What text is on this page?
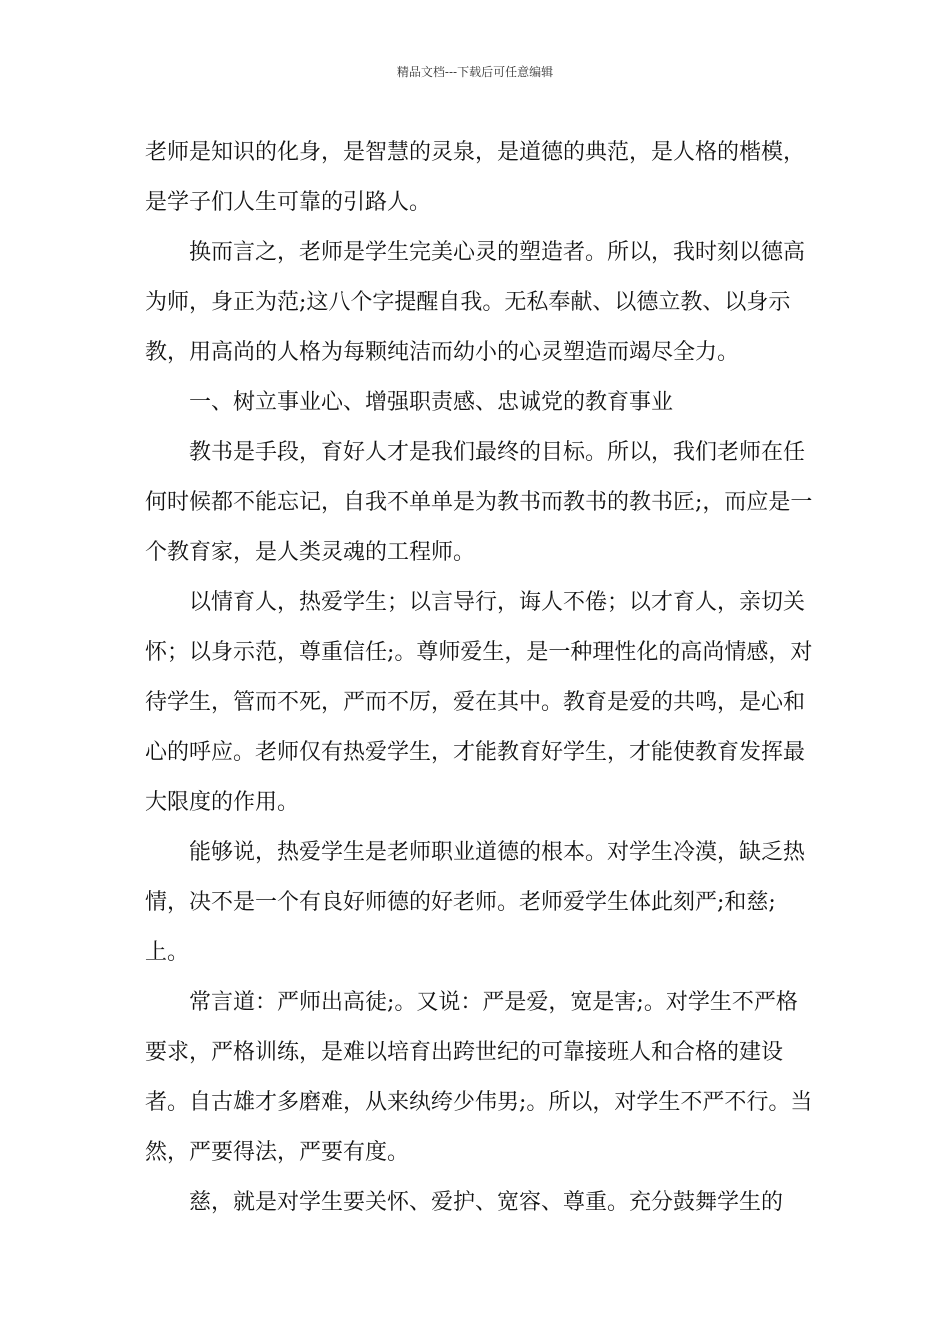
精品文档---下载后可任意编辑

老师是知识的化身，是智慧的灵泉，是道德的典范，是人格的楷模，是学子们人生可靠的引路人。

换而言之，老师是学生完美心灵的塑造者。所以，我时刻以德高为师，身正为范;这八个字提醒自我。无私奉献、以德立教、以身示教，用高尚的人格为每颗纯洁而幼小的心灵塑造而竭尽全力。

一、树立事业心、增强职责感、忠诚党的教育事业

教书是手段，育好人才是我们最终的目标。所以，我们老师在任何时候都不能忘记，自我不单单是为教书而教书的教书匠;，而应是一个教育家，是人类灵魂的工程师。

以情育人，热爱学生；以言导行，诲人不倦；以才育人，亲切关怀；以身示范，尊重信任;。尊师爱生，是一种理性化的高尚情感，对待学生，管而不死，严而不厉，爱在其中。教育是爱的共鸣，是心和心的呼应。老师仅有热爱学生，才能教育好学生，才能使教育发挥最大限度的作用。

能够说，热爱学生是老师职业道德的根本。对学生冷漠，缺乏热情，决不是一个有良好师德的好老师。老师爱学生体此刻严;和慈;上。

常言道：严师出高徒;。又说：严是爱，宽是害;。对学生不严格要求，严格训练，是难以培育出跨世纪的可靠接班人和合格的建设者。自古雄才多磨难，从来纨绔少伟男;。所以，对学生不严不行。当然，严要得法，严要有度。

慈，就是对学生要关怀、爱护、宽容、尊重。充分鼓舞学生的
